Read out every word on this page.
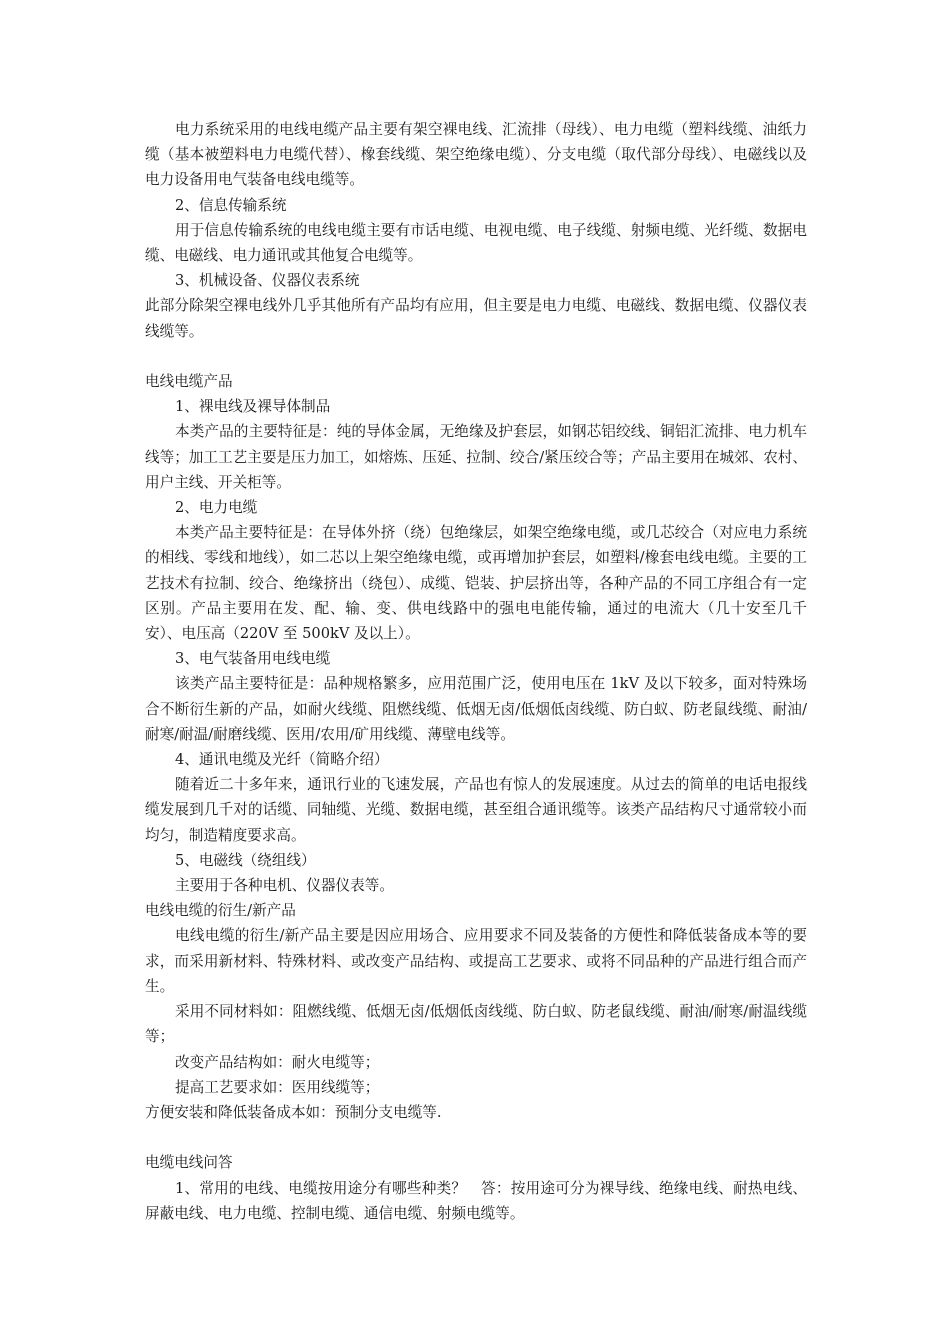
电力系统采用的电线电缆产品主要有架空裸电线、汇流排（母线）、电力电缆（塑料线缆、油纸力缆（基本被塑料电力电缆代替）、橡套线缆、架空绝缘电缆）、分支电缆（取代部分母线）、电磁线以及电力设备用电气装备电线电缆等。

2、信息传输系统

用于信息传输系统的电线电缆主要有市话电缆、电视电缆、电子线缆、射频电缆、光纤缆、数据电缆、电磁线、电力通讯或其他复合电缆等。

3、机械设备、仪器仪表系统

此部分除架空裸电线外几乎其他所有产品均有应用，但主要是电力电缆、电磁线、数据电缆、仪器仪表线缆等。

电线电缆产品

1、裸电线及裸导体制品

本类产品的主要特征是：纯的导体金属，无绝缘及护套层，如钢芯铝绞线、铜铝汇流排、电力机车线等；加工工艺主要是压力加工，如熔炼、压延、拉制、绞合/紧压绞合等；产品主要用在城郊、农村、用户主线、开关柜等。

2、电力电缆

本类产品主要特征是：在导体外挤（绕）包绝缘层，如架空绝缘电缆，或几芯绞合（对应电力系统的相线、零线和地线），如二芯以上架空绝缘电缆，或再增加护套层，如塑料/橡套电线电缆。主要的工艺技术有拉制、绞合、绝缘挤出（绕包）、成缆、铠装、护层挤出等，各种产品的不同工序组合有一定区别。产品主要用在发、配、输、变、供电线路中的强电电能传输，通过的电流大（几十安至几千安）、电压高（220V 至 500kV 及以上）。

3、电气装备用电线电缆

该类产品主要特征是：品种规格繁多，应用范围广泛，使用电压在 1kV 及以下较多，面对特殊场合不断衍生新的产品，如耐火线缆、阻燃线缆、低烟无卤/低烟低卤线缆、防白蚁、防老鼠线缆、耐油/耐寒/耐温/耐磨线缆、医用/农用/矿用线缆、薄壁电线等。

4、通讯电缆及光纤（简略介绍）

随着近二十多年来，通讯行业的飞速发展，产品也有惊人的发展速度。从过去的简单的电话电报线缆发展到几千对的话缆、同轴缆、光缆、数据电缆，甚至组合通讯缆等。该类产品结构尺寸通常较小而均匀，制造精度要求高。

5、电磁线（绕组线）

主要用于各种电机、仪器仪表等。

电线电缆的衍生/新产品

电线电缆的衍生/新产品主要是因应用场合、应用要求不同及装备的方便性和降低装备成本等的要求，而采用新材料、特殊材料、或改变产品结构、或提高工艺要求、或将不同品种的产品进行组合而产生。

采用不同材料如：阻燃线缆、低烟无卤/低烟低卤线缆、防白蚁、防老鼠线缆、耐油/耐寒/耐温线缆等；

改变产品结构如：耐火电缆等；

提高工艺要求如：医用线缆等；

方便安装和降低装备成本如：预制分支电缆等.

电缆电线问答

1、常用的电线、电缆按用途分有哪些种类？　答：按用途可分为裸导线、绝缘电线、耐热电线、屏蔽电线、电力电缆、控制电缆、通信电缆、射频电缆等。
